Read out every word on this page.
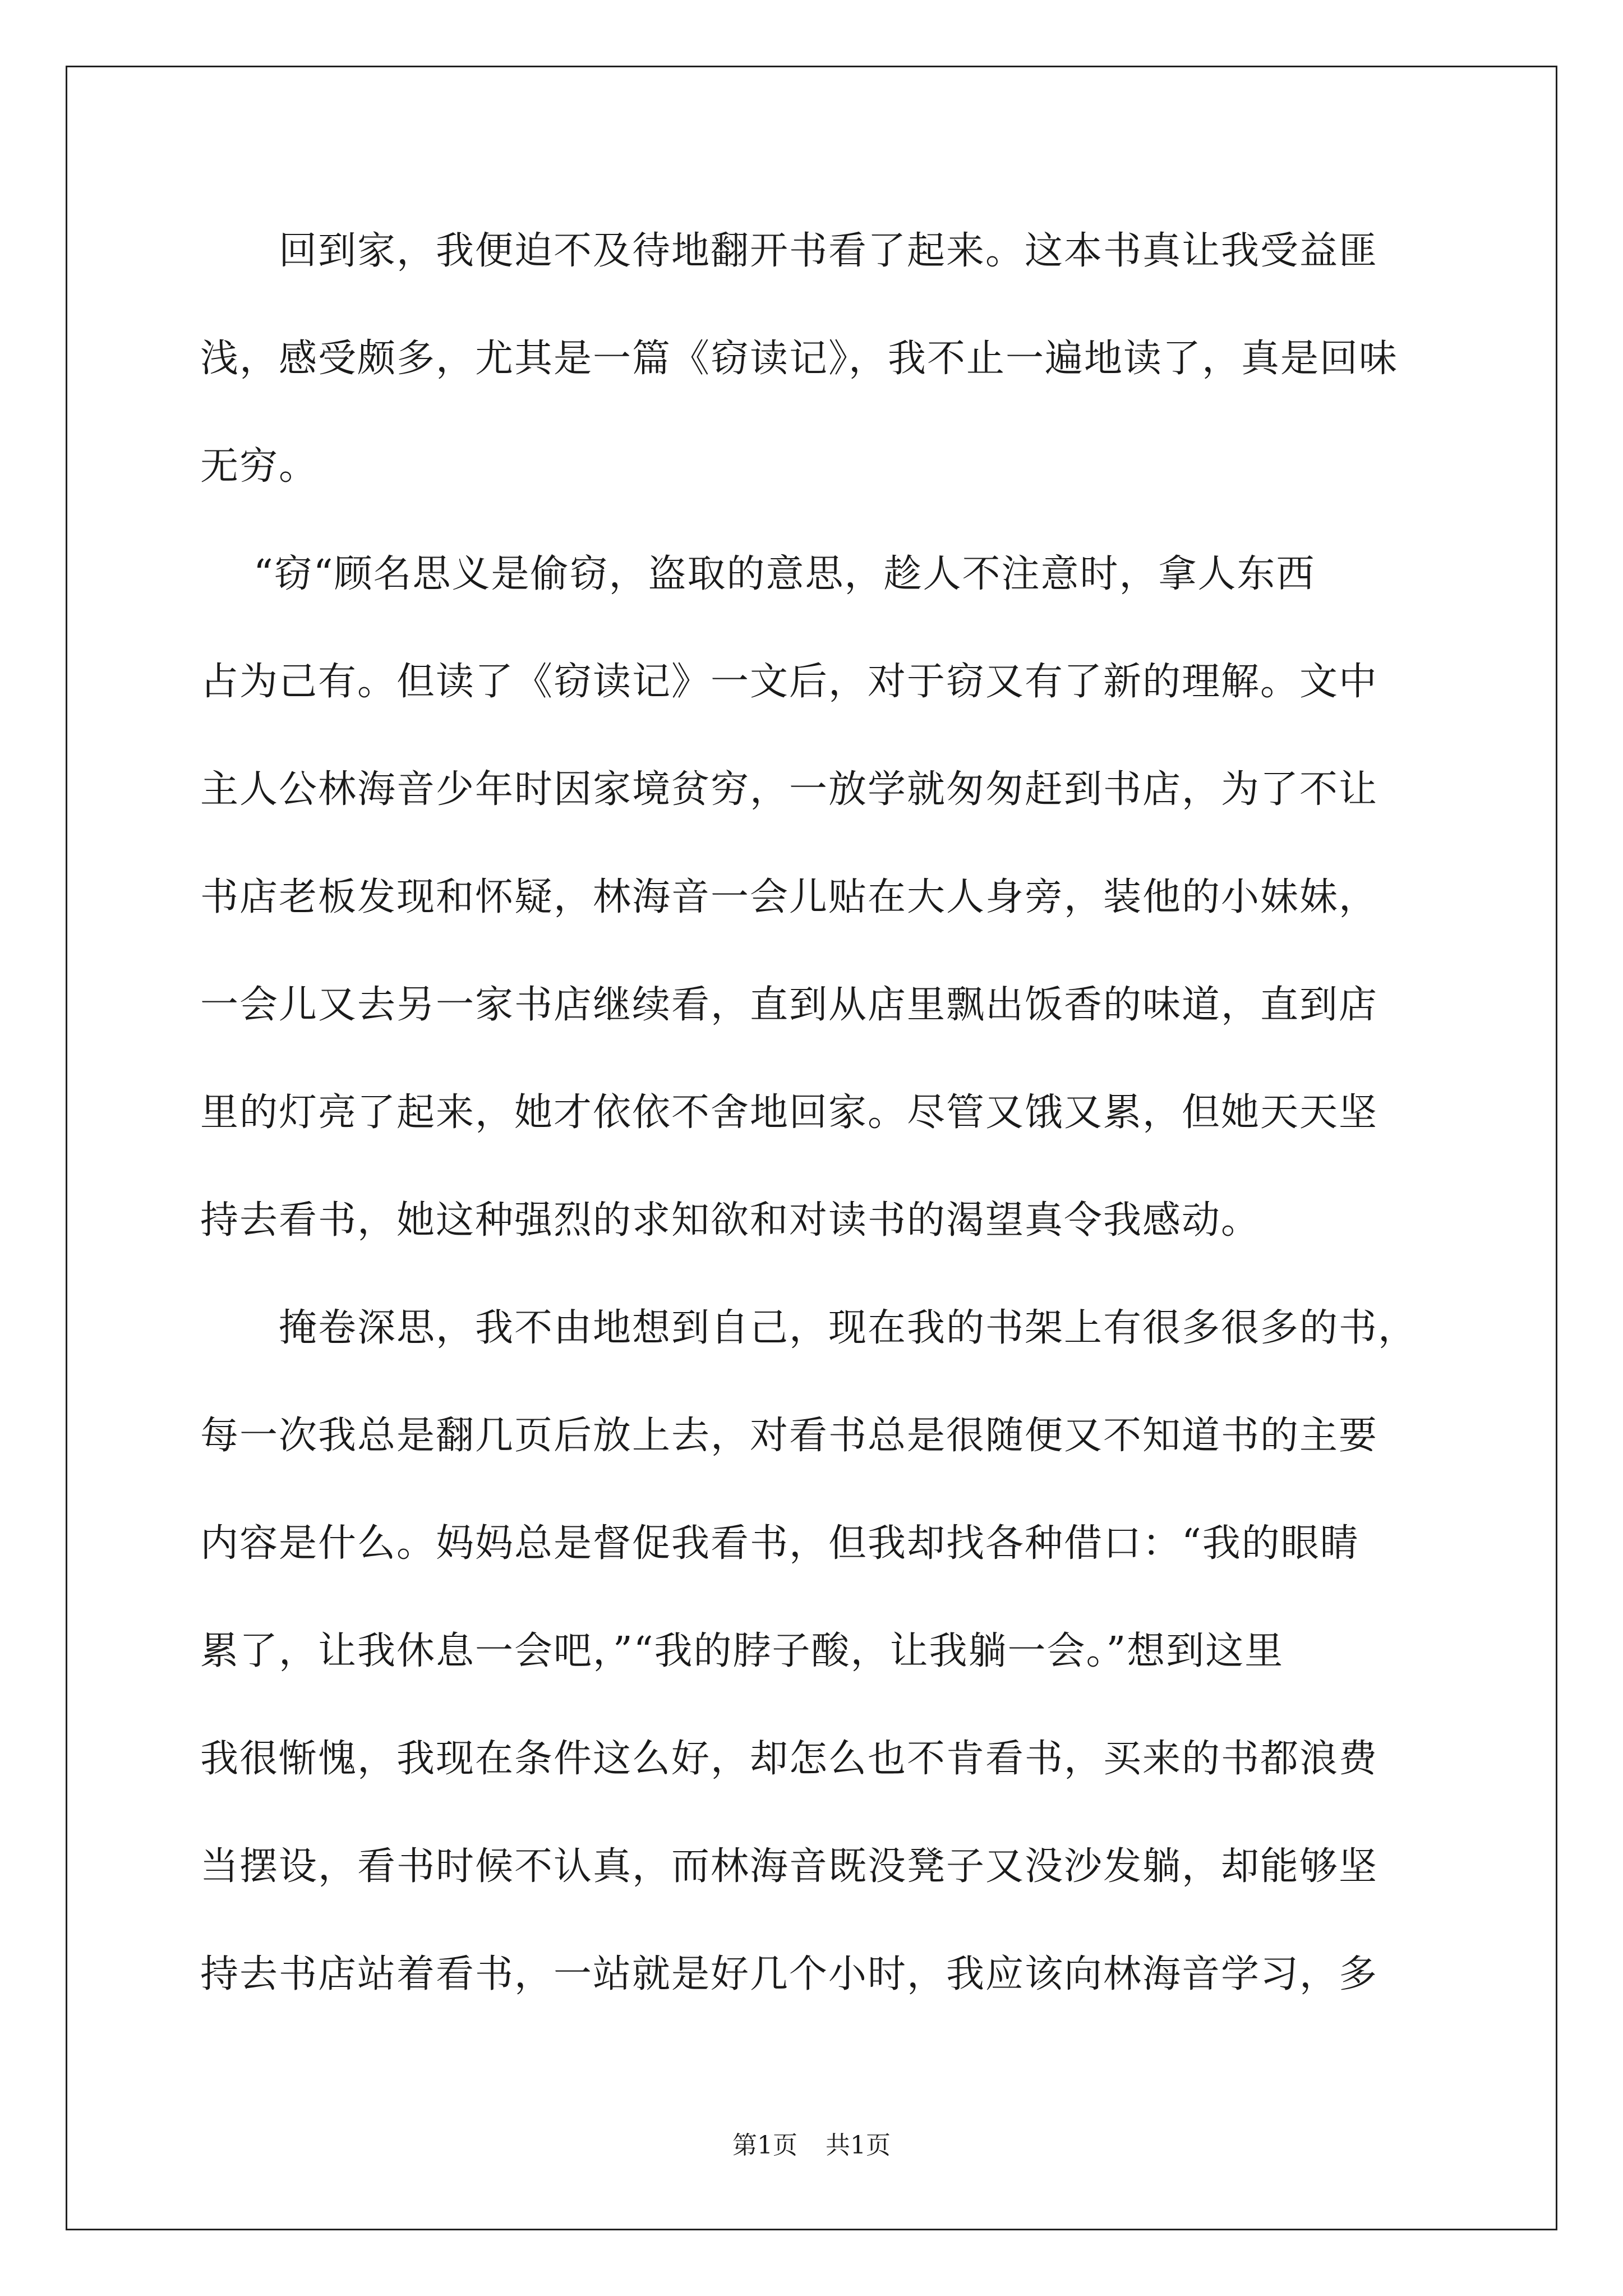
回到家，我便迫不及待地翻开书看了起来。这本书真让我受益匪
浅，感受颇多，尤其是一篇《窃读记》，我不止一遍地读了，真是回味
无穷。
“窃“顾名思义是偷窃，盗取的意思，趁人不注意时，拿人东西
占为己有。但读了《窃读记》一文后，对于窃又有了新的理解。文中
主人公林海音少年时因家境贫穷，一放学就匆匆赶到书店，为了不让
书店老板发现和怀疑，林海音一会儿贴在大人身旁，装他的小妹妹，
一会儿又去另一家书店继续看，直到从店里飘出饭香的味道，直到店
里的灯亮了起来，她才依依不舍地回家。尽管又饿又累，但她天天坚
持去看书，她这种强烈的求知欲和对读书的渴望真令我感动。
掩卷深思，我不由地想到自己，现在我的书架上有很多很多的书，
每一次我总是翻几页后放上去，对看书总是很随便又不知道书的主要
内容是什么。妈妈总是督促我看书，但我却找各种借口：“我的眼睛
累了，让我休息一会吧，”“我的脖子酸，让我躺一会。”想到这里
我很惭愧，我现在条件这么好，却怎么也不肯看书，买来的书都浪费
当摆设，看书时候不认真，而林海音既没凳子又没沙发躺，却能够坚
持去书店站着看书，一站就是好几个小时，我应该向林海音学习，多
第1页 共1页
